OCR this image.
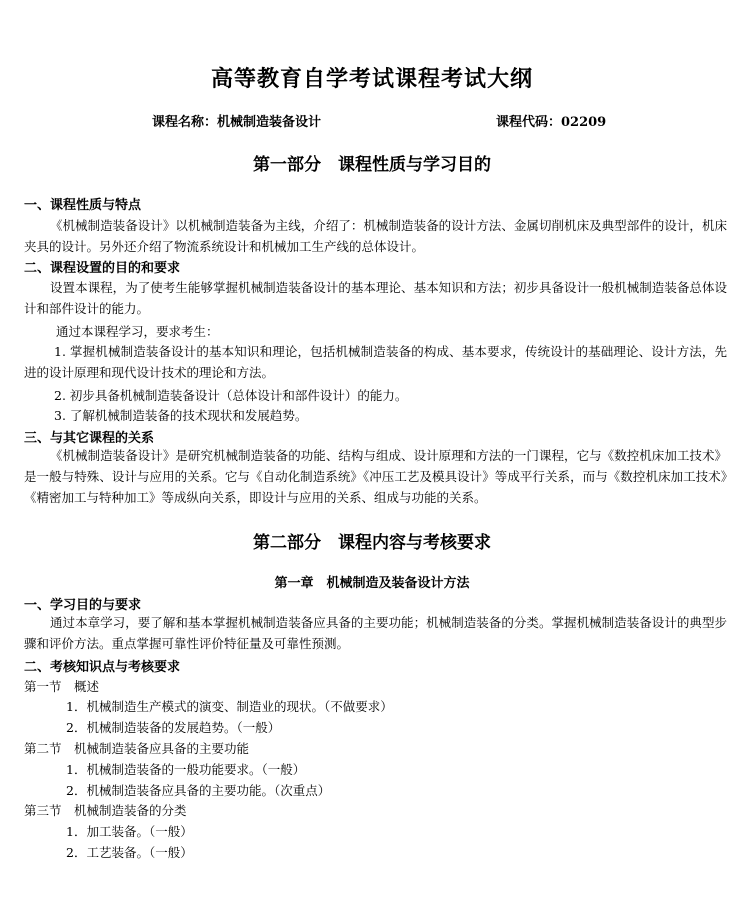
高等教育自学考试课程考试大纲
课程名称：机械制造装备设计	课程代码：02209
第一部分　课程性质与学习目的
一、课程性质与特点
《机械制造装备设计》以机械制造装备为主线，介绍了：机械制造装备的设计方法、金属切削机床及典型部件的设计，机床夹具的设计。另外还介绍了物流系统设计和机械加工生产线的总体设计。
二、课程设置的目的和要求
设置本课程，为了使考生能够掌握机械制造装备设计的基本理论、基本知识和方法；初步具备设计一般机械制造装备总体设计和部件设计的能力。
通过本课程学习，要求考生：
1. 掌握机械制造装备设计的基本知识和理论，包括机械制造装备的构成、基本要求，传统设计的基础理论、设计方法，先进的设计原理和现代设计技术的理论和方法。
2. 初步具备机械制造装备设计（总体设计和部件设计）的能力。
3. 了解机械制造装备的技术现状和发展趋势。
三、与其它课程的关系
《机械制造装备设计》是研究机械制造装备的功能、结构与组成、设计原理和方法的一门课程，它与《数控机床加工技术》是一般与特殊、设计与应用的关系。它与《自动化制造系统》《冲压工艺及模具设计》等成平行关系，而与《数控机床加工技术》《精密加工与特种加工》等成纵向关系，即设计与应用的关系、组成与功能的关系。
第二部分　课程内容与考核要求
第一章　机械制造及装备设计方法
一、学习目的与要求
通过本章学习，要了解和基本掌握机械制造装备应具备的主要功能；机械制造装备的分类。掌握机械制造装备设计的典型步骤和评价方法。重点掌握可靠性评价特征量及可靠性预测。
二、考核知识点与考核要求
第一节　概述
1．机械制造生产模式的演变、制造业的现状。（不做要求）
2．机械制造装备的发展趋势。（一般）
第二节　机械制造装备应具备的主要功能
1．机械制造装备的一般功能要求。（一般）
2．机械制造装备应具备的主要功能。（次重点）
第三节　机械制造装备的分类
1．加工装备。（一般）
2．工艺装备。（一般）
